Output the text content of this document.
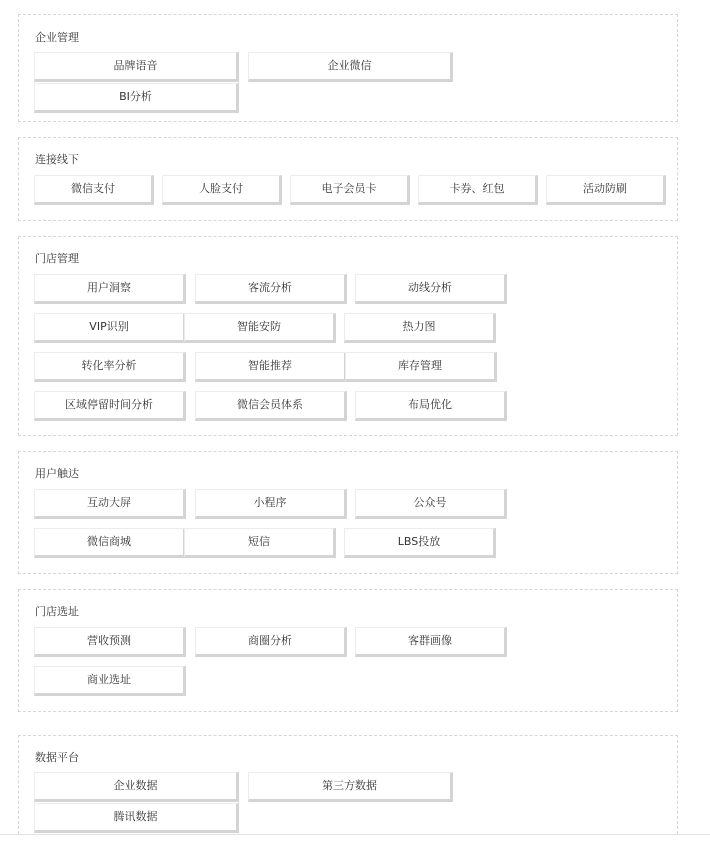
企业管理
品牌语音	企业微信
BI分析
连接线下
微信支付	人脸支付	电子会员卡	卡券、红包	活动防刷
门店管理
用户洞察	客流分析	动线分析
VIP识别	智能安防	热力图
转化率分析	智能推荐	库存管理
区域停留时间分析	微信会员体系	布局优化
用户触达
互动大屏	小程序	公众号
微信商城	短信	LBS投放
门店选址
营收预测	商圈分析	客群画像
商业选址
数据平台
企业数据	第三方数据
腾讯数据
